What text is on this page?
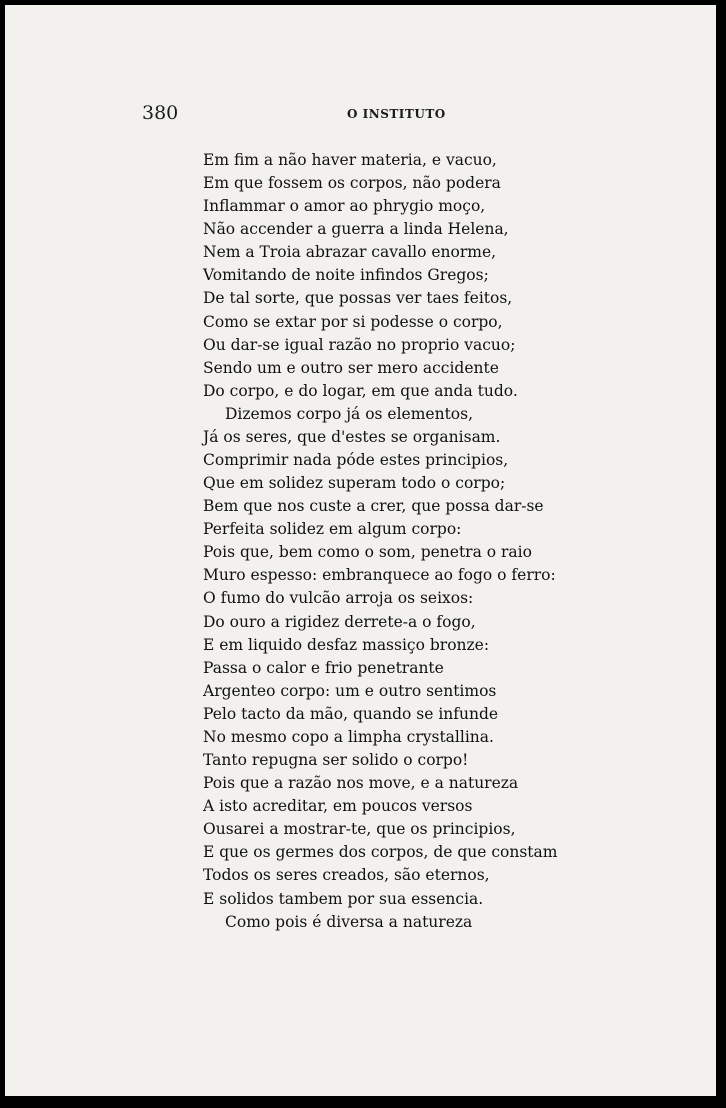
380	O INSTITUTO
Em fim a não haver materia, e vacuo,
Em que fossem os corpos, não podera
Inflammar o amor ao phrygio moço,
Não accender a guerra a linda Helena,
Nem a Troia abrazar cavallo enorme,
Vomitando de noite infindos Gregos;
De tal sorte, que possas ver taes feitos,
Como se extar por si podesse o corpo,
Ou dar-se igual razão no proprio vacuo;
Sendo um e outro ser mero accidente
Do corpo, e do logar, em que anda tudo.
Dizemos corpo já os elementos,
Já os seres, que d'estes se organisam.
Comprimir nada póde estes principios,
Que em solidez superam todo o corpo;
Bem que nos custe a crer, que possa dar-se
Perfeita solidez em algum corpo:
Pois que, bem como o som, penetra o raio
Muro espesso: embranquece ao fogo o ferro:
O fumo do vulcão arroja os seixos:
Do ouro a rigidez derrete-a o fogo,
E em liquido desfaz massiço bronze:
Passa o calor e frio penetrante
Argenteo corpo: um e outro sentimos
Pelo tacto da mão, quando se infunde
No mesmo copo a limpha crystallina.
Tanto repugna ser solido o corpo!
Pois que a razão nos move, e a natureza
A isto acreditar, em poucos versos
Ousarei a mostrar-te, que os principios,
E que os germes dos corpos, de que constam
Todos os seres creados, são eternos,
E solidos tambem por sua essencia.
Como pois é diversa a natureza
